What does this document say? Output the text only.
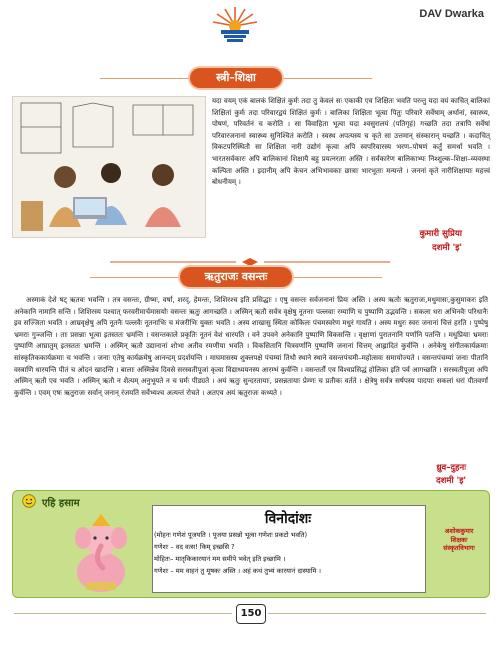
DAV Dwarka
स्त्री–शिक्षा
यदा वयम् एकं बालकं शिक्षितं कुर्मः तदा तु केवलं सः एकाकी एव शिक्षितः भवति परन्तु यदा वयं काचित् बालिकां शिक्षितां कुर्मः तदा परिवारद्वयं शिक्षितं कुर्मः । बालिका शिक्षिता भूत्वा पितुः परिवारे सर्वेषाम् अर्थानां, स्वास्थ्य, पोषणं, परिवर्तनं च करोति । सा विवाहिता भूत्वा यदा श्वसुरालयं (पतिगृहं) गच्छति तदा तत्रापि सर्वेषां परिवारजनानां स्वास्थ्य सुनिश्चितं करोति । स्वस्थ अपत्यस्य च कृते सा उत्तमान् संस्कारान् यच्छति । कदाचित् विकटपरिस्थितौ सा शिक्षिता नारी उद्योगं कृत्वा अपि स्वपरिवारस्य भरण–पोषणं कर्तुं समर्था भवति । भारतसर्वकारः अपि बालिकानां शिक्षायै बहु प्रयत्नरताः अस्ति । सर्वकारेण बालिकाभ्यः निश्शुल्क–शिक्षा–व्यवस्था कल्पिता अस्ति । इदानीम् अपि केचन अभिभावकाः छात्राः भारभूताः मन्यन्ते । जननां कृते नारीशिक्षायाः महत्त्वं बोधनीयम् ।
कुमारी सुप्रिया
दशमी 'इ'
ऋतुराजः वसन्तः
अस्माकं देशे षट् ऋतवः भवन्ति । तत्र वसन्तः, ग्रीष्मः, वर्षा, शरद्, हेमन्तः, शिशिरश्च इति प्रसिद्धाः । एषु वसन्तः सर्वजनानां प्रियः अस्ति । अस्य ऋतोः ऋतुराजः,मधुमासः,कुसुमाकरः इति अनेकानि नामानि सन्ति । शिशिरस्य पश्चात् फरवरीमार्चमासयोः वसन्तः ऋतुः आगच्छति । अस्मिन् ऋतौ सर्वत्र वृक्षेषु नूतनाः पल्लवाः रम्याणि च पुष्पाणि उद्भवन्ति । सकला धरा अभिनवैः परिधानैः इव सज्जिता भवति । आम्रवृक्षेषु अपि नूतनैः पल्लवैः नूतनाभिः च मंजरीभिः युक्तः भवति । अस्य शाखासु स्थिता कोकिलः पंचमस्वरेण मधुरं गायति । अस्य मधुरः स्वरः जनानां चित्तं हरति । पुष्पेषु भ्रमराः गुञ्जन्ति । ताः प्रसन्नाः भूत्वा इतस्ततः भ्रमन्ति । वसन्तकाले प्रकृतिः नूतनं वेशं धारयति । वने उपवने अनेकानि पुष्पाणि विकसन्ति । वृक्षाणां पुरातनानि पर्णानि पतन्ति । मधुप्रियाः भ्रमराः पुष्पाणि आघ्रातुम् इतस्ततः भ्रमन्ति । अस्मिन् ऋतौ उद्यानानां शोभा अतीव रमणीया भवति । विकसितानि चित्रवर्णानि पुष्पाणि जनानां चित्तम् आह्लादितं कुर्वन्ति । अनेकेषु संगीतकार्यक्रमाः सांस्कृतिककार्यक्रमाः च भवन्ति । जनाः एतेषु कार्यक्रमेषु आनन्दम् प्रदर्शयन्ति । माघमासस्य शुक्लपक्षे पंचम्यां तिथौ स्थाने स्थाने वसन्तपंचमी–महोत्सवः समायोज्यते । वसन्तपंचम्यां जनाः पीतानि वस्त्राणि धारयन्ति पीतं च ओदनं खादन्ति । बालाः अस्मिन्नेव दिवसे सरस्वतीपूजां कृत्वा विद्याध्ययनस्य आरम्भं कुर्वन्ति । वसन्तर्तौ एव विश्वप्रसिद्धं होलिका इति पर्व आगच्छति । सरस्वतीपूजा अपि अस्मिन् ऋतौ एव भवति । अस्मिन् ऋतौ न शैत्यम् अनुभूयते न च घर्मः पीड्यते । अयं ऋतुः सुन्दरतायाः, प्रसन्नतायाः प्रेम्णः च प्रतीकः वर्तते । क्षेत्रेषु सर्वत्र सर्षपस्य पादपाः सकलां धरां पीतवर्णां कुर्वन्ति । एवम् एषः ऋतुराजः सर्वान् जनान् रंजयति सर्वेभ्यश्च अत्यन्तं रोचते । अतएव अयं ऋतुराजः कथ्यते ।
ध्रुव–दुहनः
दशमी 'इ'
एहि हसाम
विनोदांशः
(मोहनः गणेशं पूजयति । पूजया प्रसन्नो भूत्वा गणेशः प्रकटो भवति)
गणेशः – वद वत्स! किम् इच्छसि ?
मोहितः– मातृकिकारयानं मम समीपे भवेत् इति इच्छामि ।
गणेशः – मम वाहनं तु मूषकः अस्ति । अहं कथं तुभ्यं कारयानं दास्यामि ।
अशोककुमार
शिक्षकः
संस्कृतविभागः
150
